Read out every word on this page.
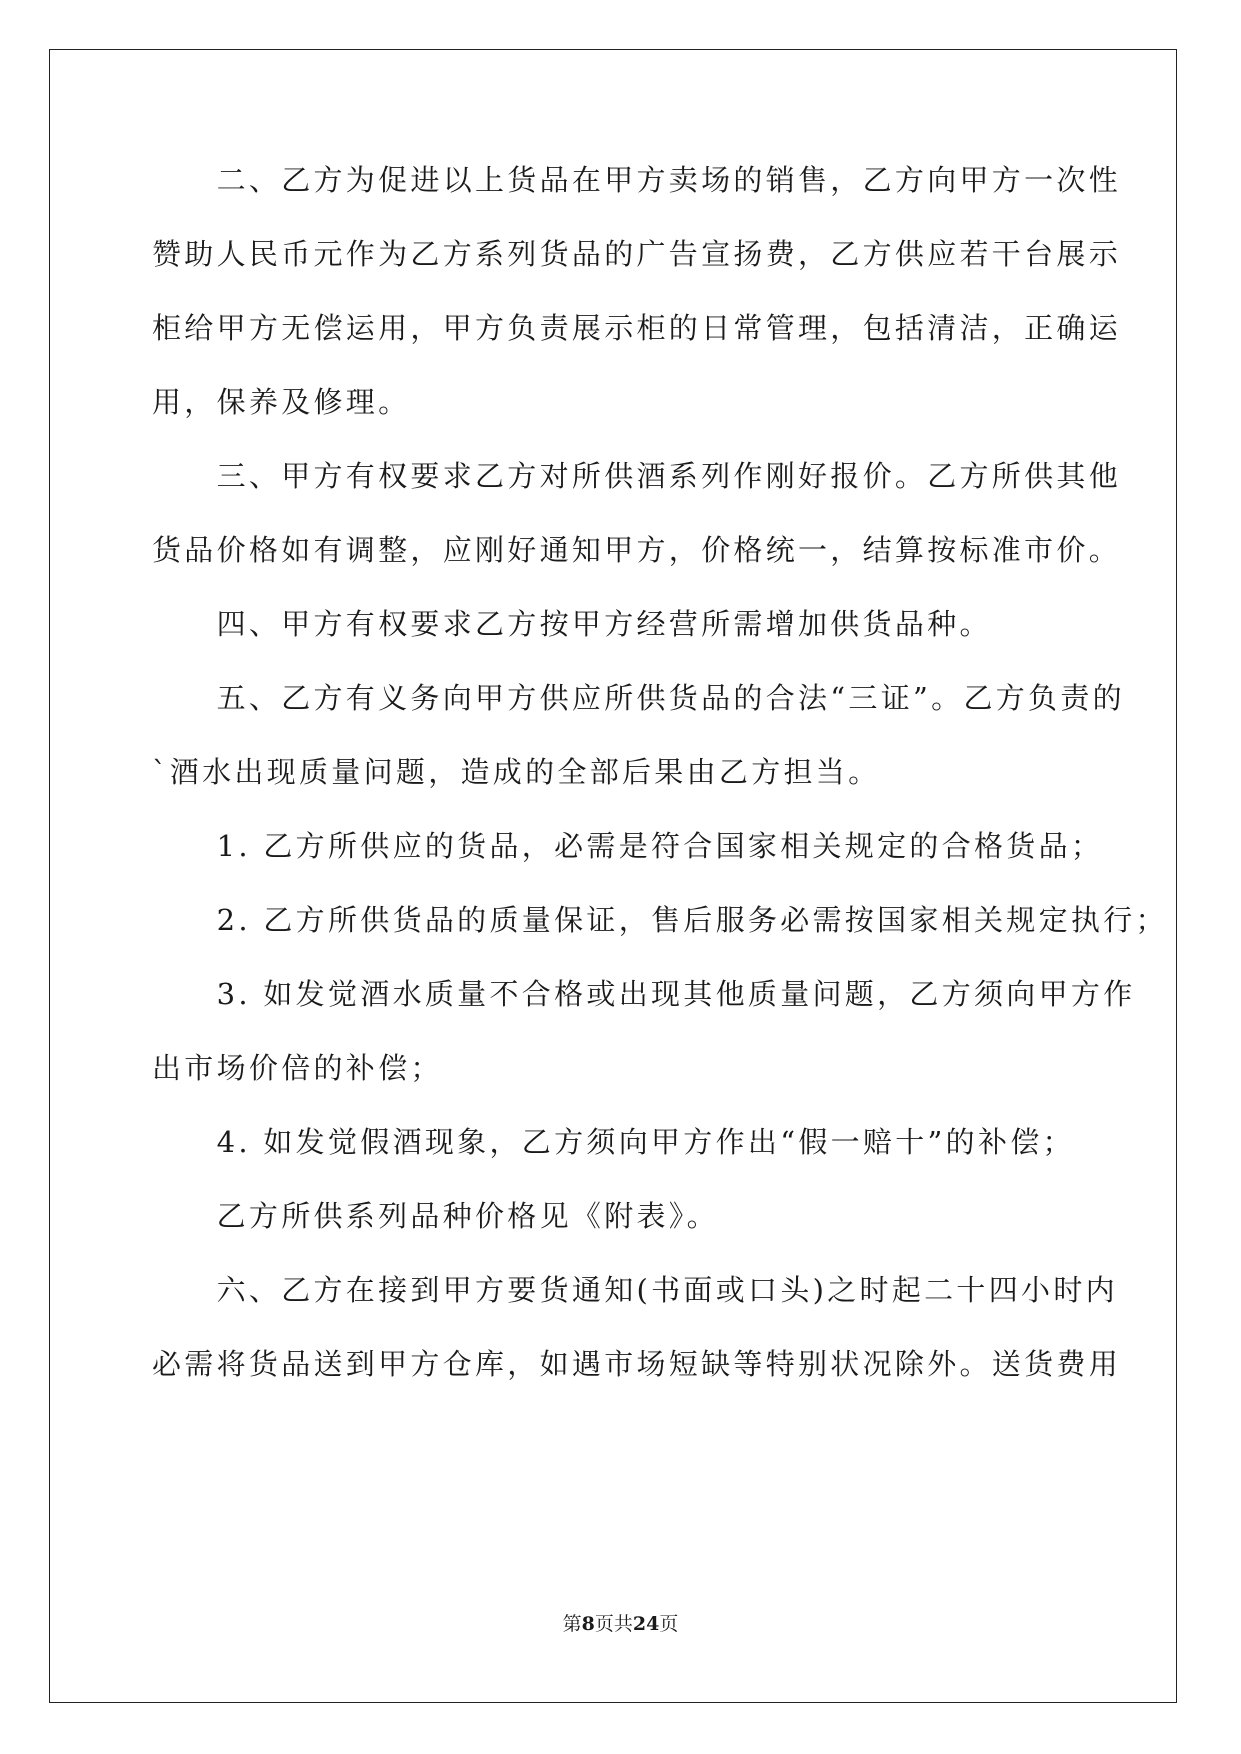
　　二、乙方为促进以上货品在甲方卖场的销售，乙方向甲方一次性
赞助人民币元作为乙方系列货品的广告宣扬费，乙方供应若干台展示
柜给甲方无偿运用，甲方负责展示柜的日常管理，包括清洁，正确运
用，保养及修理。
　　三、甲方有权要求乙方对所供酒系列作刚好报价。乙方所供其他
货品价格如有调整，应刚好通知甲方，价格统一，结算按标准市价。
　　四、甲方有权要求乙方按甲方经营所需增加供货品种。
　　五、乙方有义务向甲方供应所供货品的合法“三证”。乙方负责的
`酒水出现质量问题，造成的全部后果由乙方担当。
　　1. 乙方所供应的货品，必需是符合国家相关规定的合格货品；
　　2. 乙方所供货品的质量保证，售后服务必需按国家相关规定执行；
　　3. 如发觉酒水质量不合格或出现其他质量问题，乙方须向甲方作
出市场价倍的补偿；
　　4. 如发觉假酒现象，乙方须向甲方作出“假一赔十”的补偿；
　　乙方所供系列品种价格见《附表》。
　　六、乙方在接到甲方要货通知(书面或口头)之时起二十四小时内
必需将货品送到甲方仓库，如遇市场短缺等特别状况除外。送货费用
第8页共24页
